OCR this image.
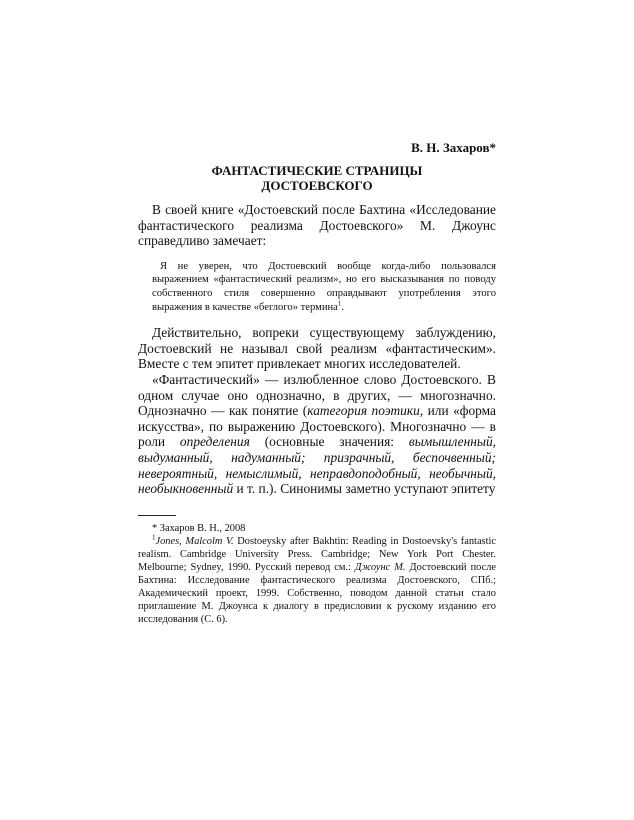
В. Н. Захаров*
ФАНТАСТИЧЕСКИЕ СТРАНИЦЫ
ДОСТОЕВСКОГО

В своей книге «Достоевский после Бахтина «Исследование фантастического реализма Достоевского» М. Джоунс справедливо замечает:

Я не уверен, что Достоевский вообще когда-либо пользовался выражением «фантастический реализм», но его высказывания по поводу собственного стиля совершенно оправдывают употребления этого выражения в качестве «беглого» термина$^1$.

Действительно, вопреки существующему заблуждению, Достоевский не называл свой реализм «фантастическим». Вместе с тем эпитет привлекает многих исследователей.

«Фантастический» — излюбленное слово Достоевского. В одном случае оно однозначно, в других, — многозначно. Однозначно — как понятие (категория поэтики, или «форма искусства», по выражению Достоевского). Многозначно — в роли определения (основные значения: вымышленный, выдуманный, надуманный; призрачный, беспочвенный; невероятный, немыслимый, неправдоподобный, необычный, необыкновенный и т. п.). Синонимы заметно уступают эпитету

* Захаров В. Н., 2008

$^1$Jones, Malcolm V. Dostoeysky after Bakhtin: Reading in Dostoevsky's fantastic realism. Cambridge University Press. Cambridge; New York Port Chester. Melbourne; Sydney, 1990. Русский перевод см.: Джоунс М. Достоевский после Бахтина: Исследование фантастического реализма Достоевского, СПб.; Академический проект, 1999. Собственно, поводом данной статьи стало приглашение М. Джоунса к диалогу в предисловии к рускому изданию его исследования (С. 6).
